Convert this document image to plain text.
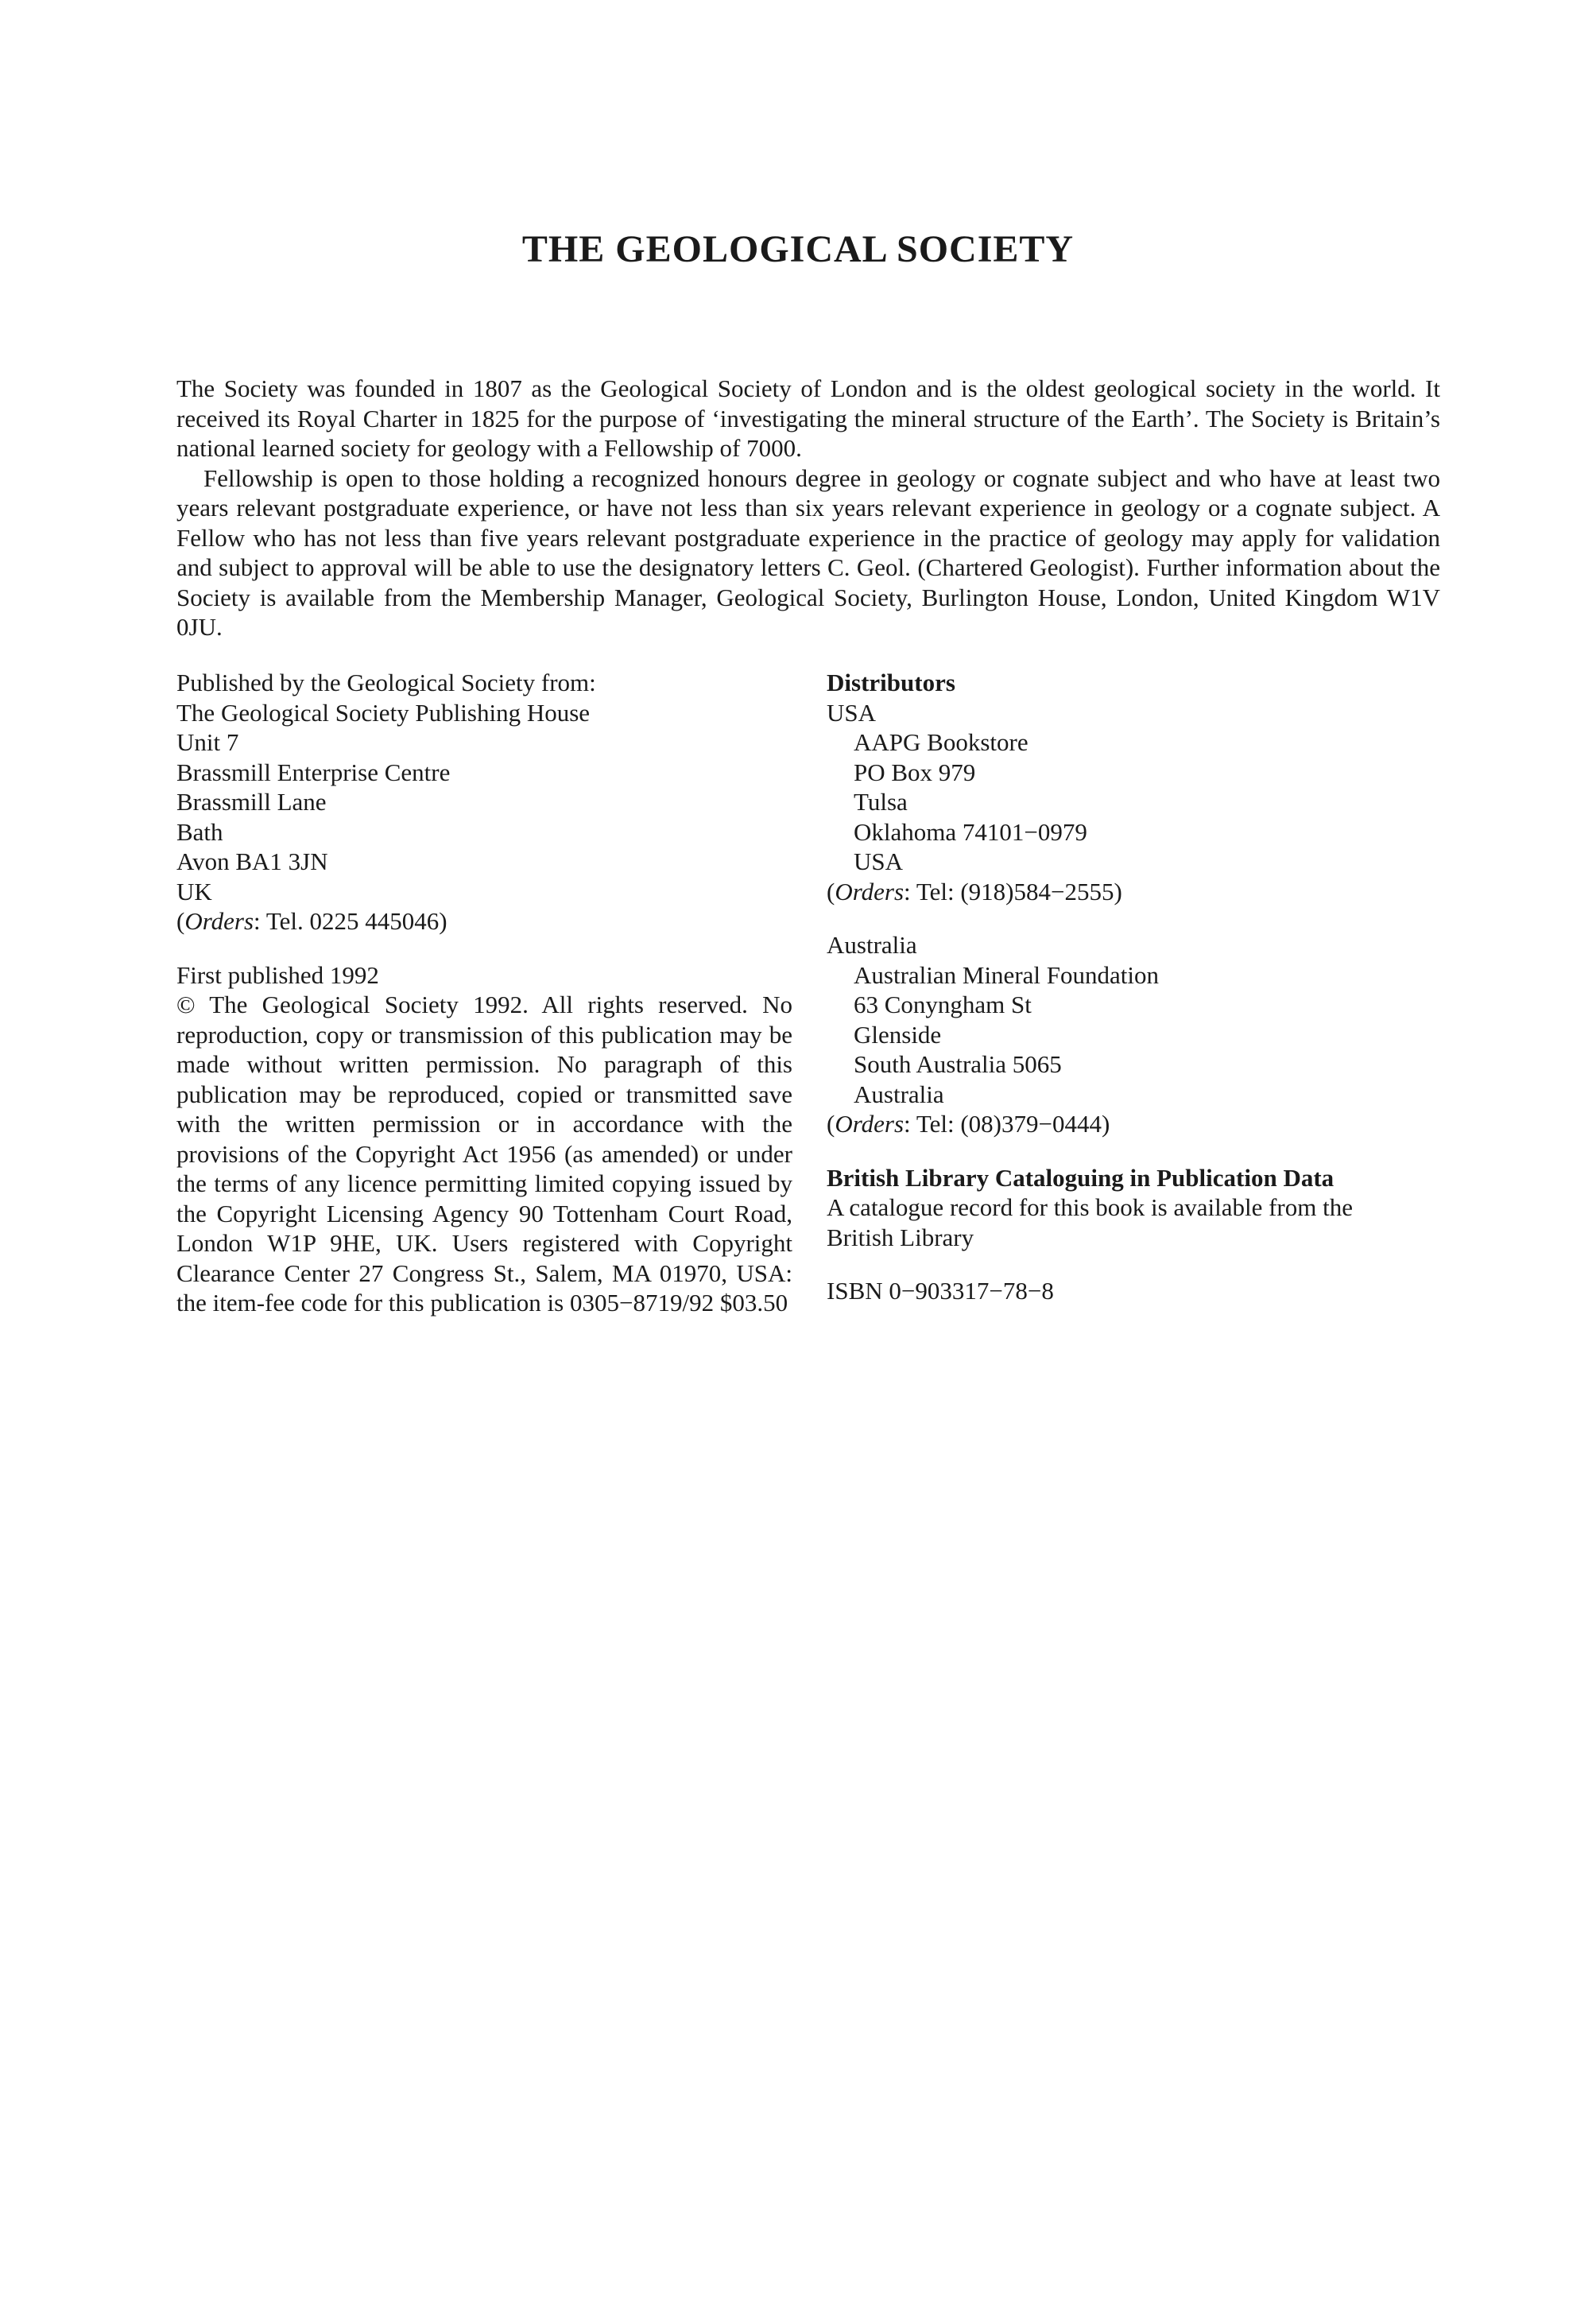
THE GEOLOGICAL SOCIETY

The Society was founded in 1807 as the Geological Society of London and is the oldest geological society in the world. It received its Royal Charter in 1825 for the purpose of ‘investigating the mineral structure of the Earth’. The Society is Britain’s national learned society for geology with a Fellowship of 7000.

Fellowship is open to those holding a recognized honours degree in geology or cognate subject and who have at least two years relevant postgraduate experience, or have not less than six years relevant experience in geology or a cognate subject. A Fellow who has not less than five years relevant postgraduate experience in the practice of geology may apply for validation and subject to approval will be able to use the designatory letters C. Geol. (Chartered Geologist). Further information about the Society is available from the Membership Manager, Geological Society, Burlington House, London, United Kingdom W1V 0JU.

Published by the Geological Society from:
The Geological Society Publishing House
Unit 7
Brassmill Enterprise Centre
Brassmill Lane
Bath
Avon BA1 3JN
UK
(Orders: Tel. 0225 445046)
First published 1992

© The Geological Society 1992. All rights reserved. No reproduction, copy or transmission of this publication may be made without written permission. No paragraph of this publication may be reproduced, copied or transmitted save with the written permission or in accordance with the provisions of the Copyright Act 1956 (as amended) or under the terms of any licence permitting limited copying issued by the Copyright Licensing Agency 90 Tottenham Court Road, London W1P 9HE, UK. Users registered with Copyright Clearance Center 27 Congress St., Salem, MA 01970, USA: the item-fee code for this publication is 0305−8719/92 $03.50

Distributors
USA
AAPG Bookstore
PO Box 979
Tulsa
Oklahoma 74101−0979
USA
(Orders: Tel: (918)584−2555)
Australia
Australian Mineral Foundation
63 Conyngham St
Glenside
South Australia 5065
Australia
(Orders: Tel: (08)379−0444)
British Library Cataloguing in Publication Data
A catalogue record for this book is available from the
British Library
ISBN 0−903317−78−8
